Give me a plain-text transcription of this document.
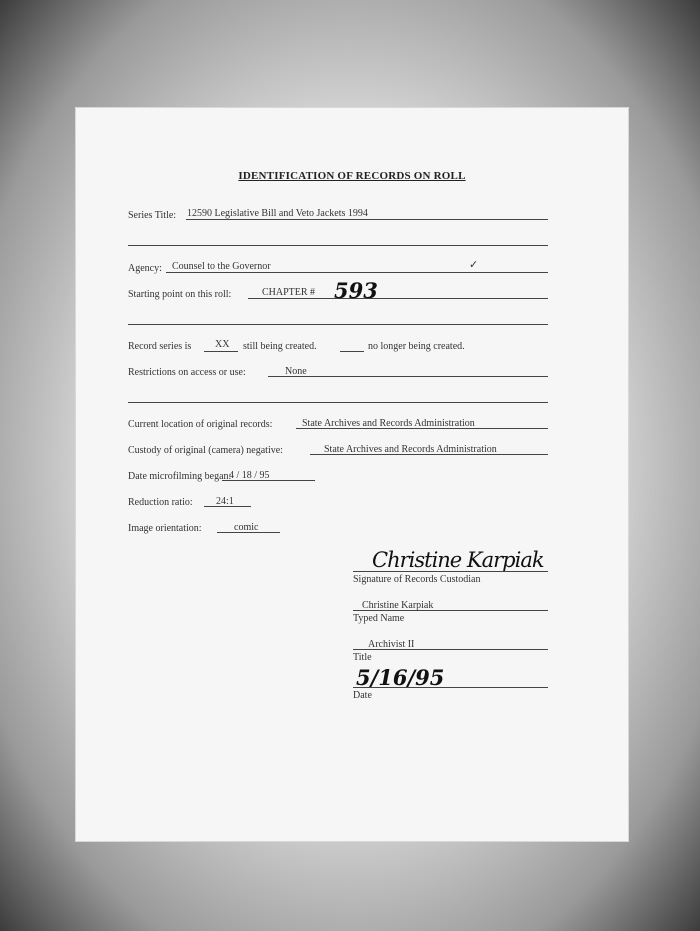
IDENTIFICATION OF RECORDS ON ROLL
Series Title: 12590 Legislative Bill and Veto Jackets 1994
Agency: Counsel to the Governor	✓
Starting point on this roll:	CHAPTER # 593
Record series is XX still being created.	no longer being created.
Restrictions on access or use:	None
Current location of original records:	State Archives and Records Administration
Custody of original (camera) negative:	State Archives and Records Administration
Date microfilming began:
4 / 18 / 95
Reduction ratio: 24:1
Image orientation:	comic
Christine Karpiak
Signature of Records Custodian
Christine Karpiak
Typed Name
Archivist II
Title
5/16/95
Date
